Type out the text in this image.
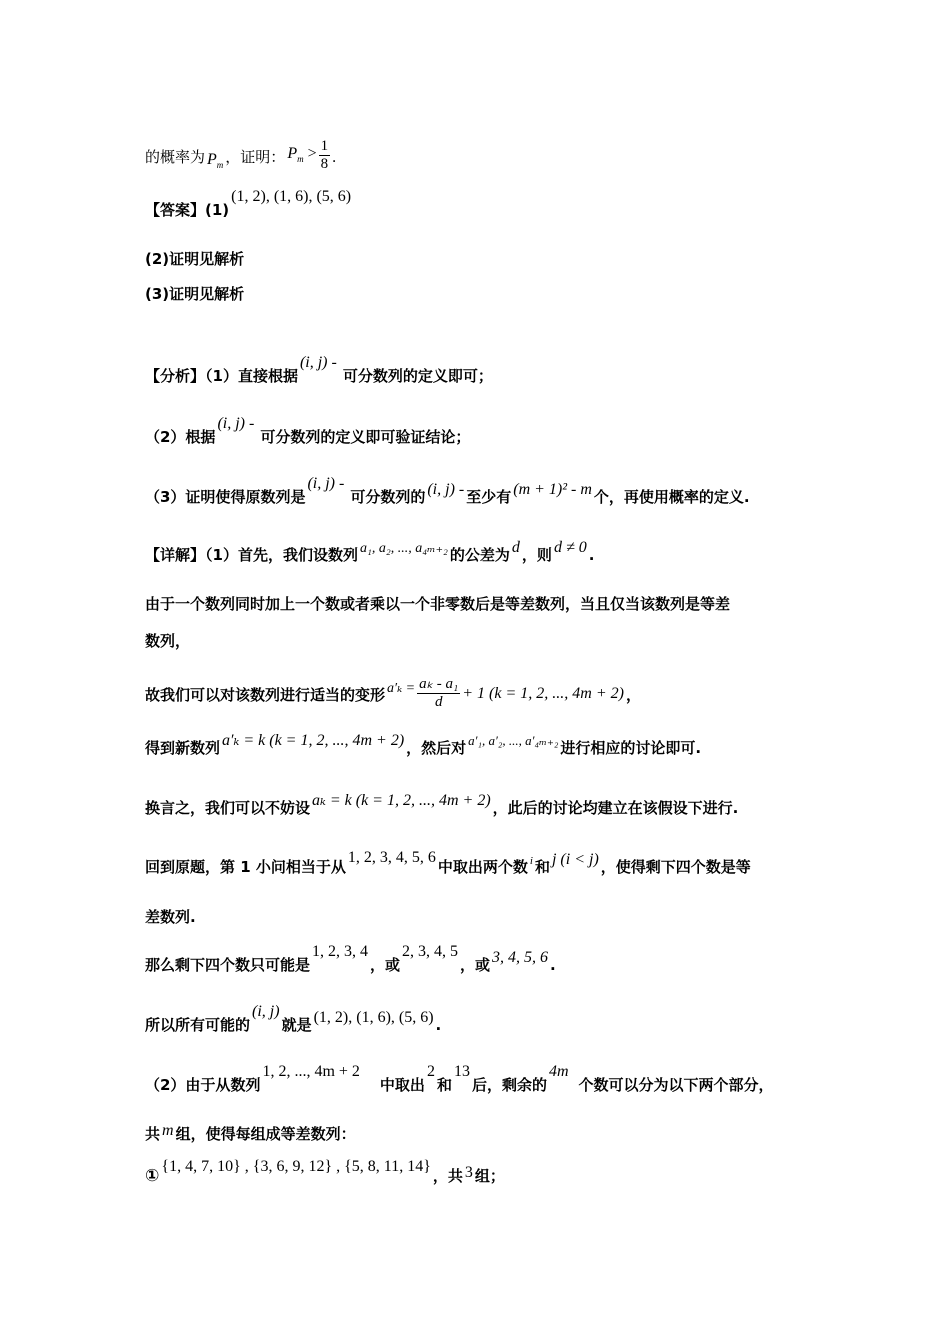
的概率为 $P_m$ ，证明： $P_m > \frac{1}{8}$ .
【答案】(1)(1, 2), (1, 6), (5, 6)
(2)证明见解析
(3)证明见解析
【分析】（1）直接根据(i, j) -可分数列的定义即可；
（2）根据(i, j) -可分数列的定义即可验证结论；
（3）证明使得原数列是(i, j) -可分数列的 (i, j) - 至少有 (m + 1)² - m 个，再使用概率的定义.
【详解】（1）首先，我们设数列 a₁, a₂, ..., a₄ₘ₊₂ 的公差为 d ，则 d ≠ 0 .
由于一个数列同时加上一个数或者乘以一个非零数后是等差数列，当且仅当该数列是等差
数列，
故我们可以对该数列进行适当的变形 $a'_k = \frac{\text{aₖ - a₁}}{d} + 1$ (k = 1, 2, ..., 4m + 2) ，
得到新数列 a′ₖ = k (k = 1, 2, ..., 4m + 2) ，然后对 a′₁, a′₂, ..., a′₄ₘ₊₂ 进行相应的讨论即可.
换言之，我们可以不妨设 aₖ = k (k = 1, 2, ..., 4m + 2) ，此后的讨论均建立在该假设下进行.
回到原题，第 1 小问相当于从1, 2, 3, 4, 5, 6中取出两个数 i 和 j (i < j) ，使得剩下四个数是等
差数列.
那么剩下四个数只可能是1, 2, 3, 4，或2, 3, 4, 5，或 3, 4, 5, 6 .
所以所有可能的(i, j)就是 (1, 2), (1, 6), (5, 6) .
（2）由于从数列1, 2, ..., 4m + 2中取出2和13后，剩余的4m个数可以分为以下两个部分，
共 m 组，使得每组成等差数列：
① {1, 4, 7, 10} , {3, 6, 9, 12} , {5, 8, 11, 14}，共 3 组；
